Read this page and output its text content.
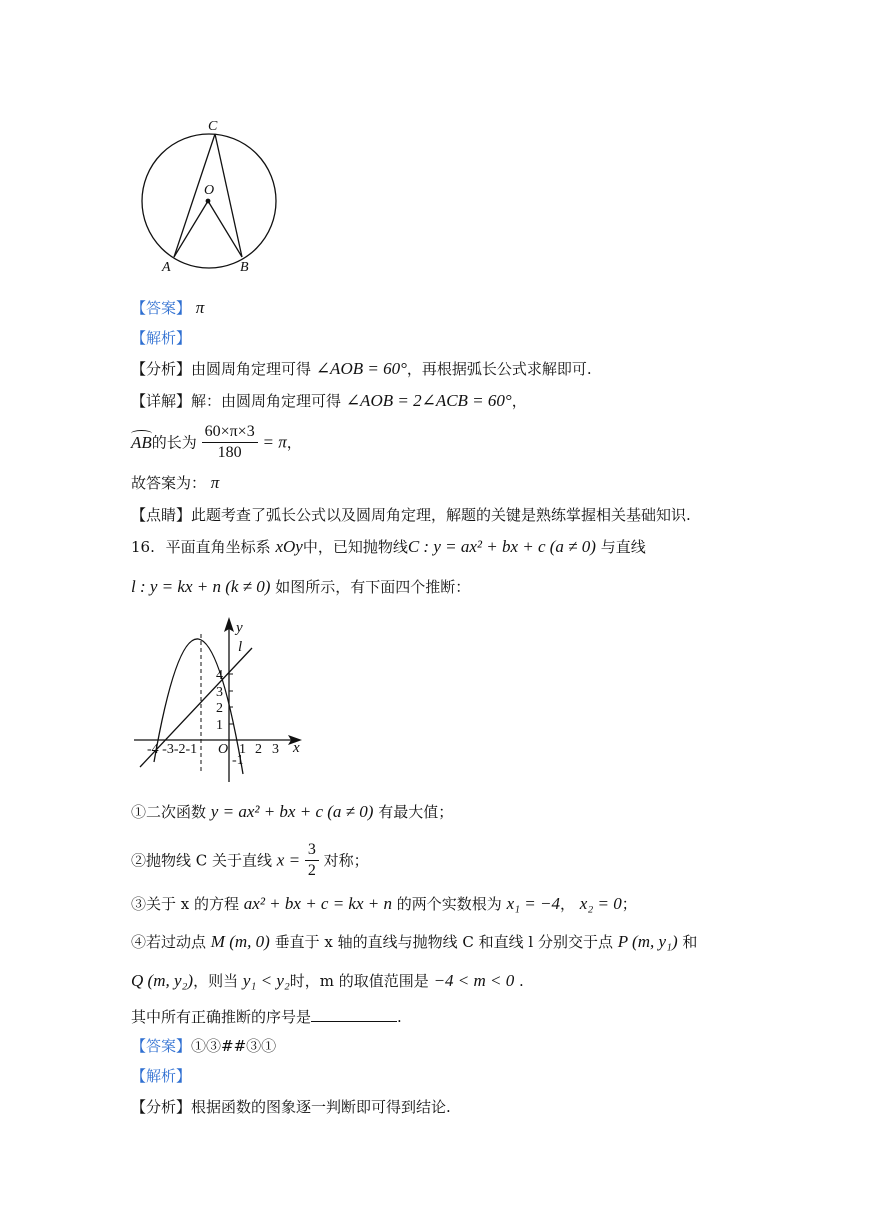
C
O
A	B
【答案】 π
【解析】
【分析】由圆周角定理可得 ∠AOB = 60°，再根据弧长公式求解即可.
【详解】解：由圆周角定理可得 ∠AOB = 2∠ACB = 60°，
AB的长为 $\frac{60\times\pi\times 3}{180} = \pi$，
故答案为： π
【点睛】此题考查了弧长公式以及圆周角定理，解题的关键是熟练掌握相关基础知识.
16. 平面直角坐标系 xOy中，已知抛物线C : y = ax² + bx + c (a ≠ 0) 与直线
l : y = kx + n (k ≠ 0) 如图所示，有下面四个推断：
y
l
x
4
3
2
1
-1
-4 -3-2-1 O 1 2 3
①二次函数 y = ax² + bx + c (a ≠ 0) 有最大值；
②抛物线 C 关于直线 $x = \frac{3}{2}$ 对称；
③关于 x 的方程 ax² + bx + c = kx + n 的两个实数根为 x₁ = −4， x₂ = 0；
④若过动点 M (m, 0) 垂直于 x 轴的直线与抛物线 C 和直线 l 分别交于点 P (m, y₁) 和
Q (m, y₂)，则当 y₁ < y₂时，m 的取值范围是 −4 < m < 0 .
其中所有正确推断的序号是	.
【答案】①③##③①
【解析】
【分析】根据函数的图象逐一判断即可得到结论.
